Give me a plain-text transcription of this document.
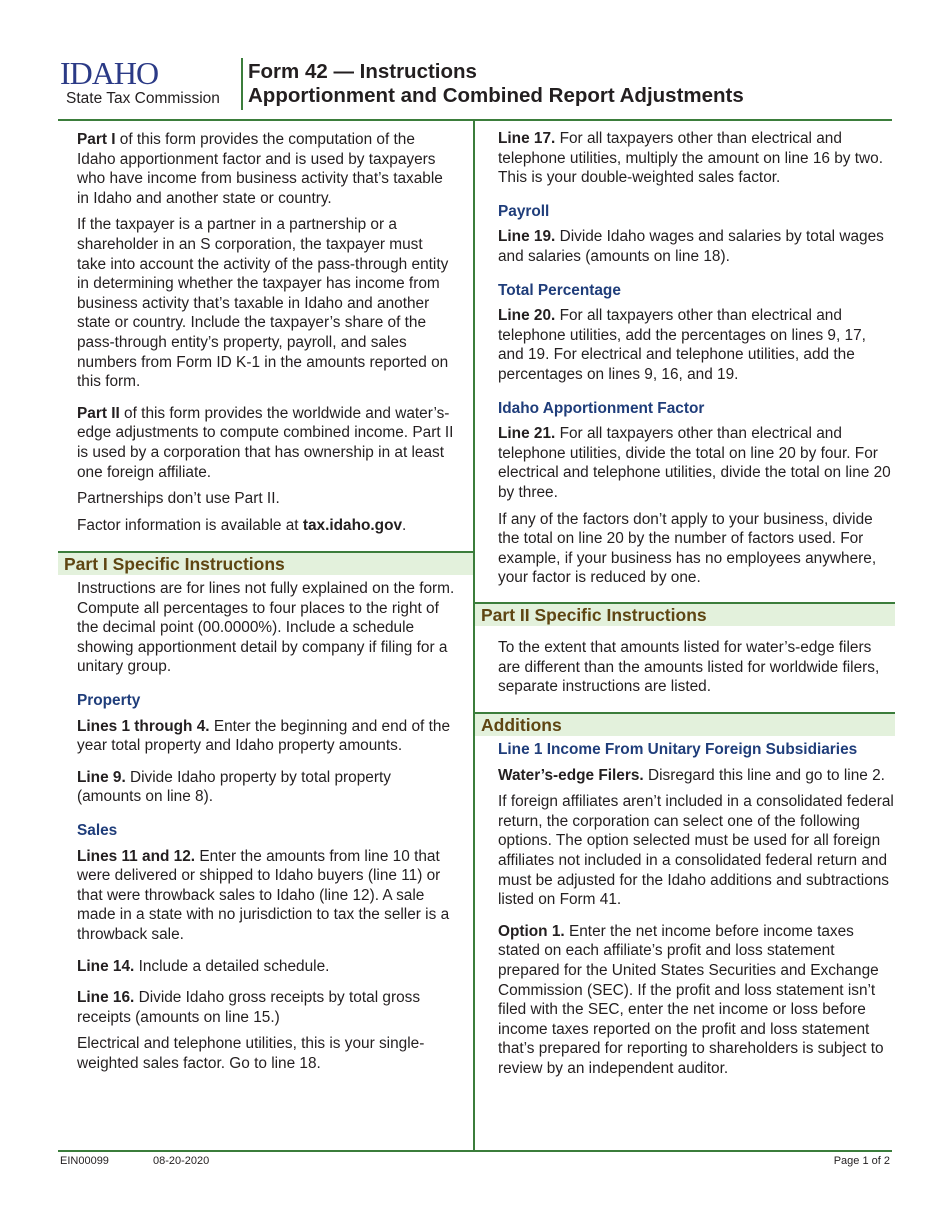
IDAHO
State Tax Commission
Form 42 — Instructions
Apportionment and Combined Report Adjustments

Part I of this form provides the computation of the Idaho apportionment factor and is used by taxpayers who have income from business activity that’s taxable in Idaho and another state or country.

If the taxpayer is a partner in a partnership or a shareholder in an S corporation, the taxpayer must take into account the activity of the pass-through entity in determining whether the taxpayer has income from business activity that’s taxable in Idaho and another state or country. Include the taxpayer’s share of the pass-through entity’s property, payroll, and sales numbers from Form ID K-1 in the amounts reported on this form.

Part II of this form provides the worldwide and water’s-edge adjustments to compute combined income. Part II is used by a corporation that has ownership in at least one foreign affiliate.

Partnerships don’t use Part II.

Factor information is available at tax.idaho.gov.

Part I Specific Instructions

Instructions are for lines not fully explained on the form. Compute all percentages to four places to the right of the decimal point (00.0000%). Include a schedule showing apportionment detail by company if filing for a unitary group.

Property

Lines 1 through 4. Enter the beginning and end of the year total property and Idaho property amounts.

Line 9. Divide Idaho property by total property (amounts on line 8).

Sales

Lines 11 and 12. Enter the amounts from line 10 that were delivered or shipped to Idaho buyers (line 11) or that were throwback sales to Idaho (line 12). A sale made in a state with no jurisdiction to tax the seller is a throwback sale.

Line 14. Include a detailed schedule.

Line 16. Divide Idaho gross receipts by total gross receipts (amounts on line 15.)

Electrical and telephone utilities, this is your single-weighted sales factor. Go to line 18.

Line 17. For all taxpayers other than electrical and telephone utilities, multiply the amount on line 16 by two. This is your double-weighted sales factor.

Payroll

Line 19. Divide Idaho wages and salaries by total wages and salaries (amounts on line 18).

Total Percentage

Line 20. For all taxpayers other than electrical and telephone utilities, add the percentages on lines 9, 17, and 19. For electrical and telephone utilities, add the percentages on lines 9, 16, and 19.

Idaho Apportionment Factor

Line 21. For all taxpayers other than electrical and telephone utilities, divide the total on line 20 by four. For electrical and telephone utilities, divide the total on line 20 by three.

If any of the factors don’t apply to your business, divide the total on line 20 by the number of factors used. For example, if your business has no employees anywhere, your factor is reduced by one.

Part II Specific Instructions

To the extent that amounts listed for water’s-edge filers are different than the amounts listed for worldwide filers, separate instructions are listed.

Additions
Line 1 Income From Unitary Foreign Subsidiaries

Water’s-edge Filers. Disregard this line and go to line 2.

If foreign affiliates aren’t included in a consolidated federal return, the corporation can select one of the following options. The option selected must be used for all foreign affiliates not included in a consolidated federal return and must be adjusted for the Idaho additions and subtractions listed on Form 41.

Option 1. Enter the net income before income taxes stated on each affiliate’s profit and loss statement prepared for the United States Securities and Exchange Commission (SEC). If the profit and loss statement isn’t filed with the SEC, enter the net income or loss before income taxes reported on the profit and loss statement that’s prepared for reporting to shareholders is subject to review by an independent auditor.

EIN00099	08-20-2020	Page 1 of 2
